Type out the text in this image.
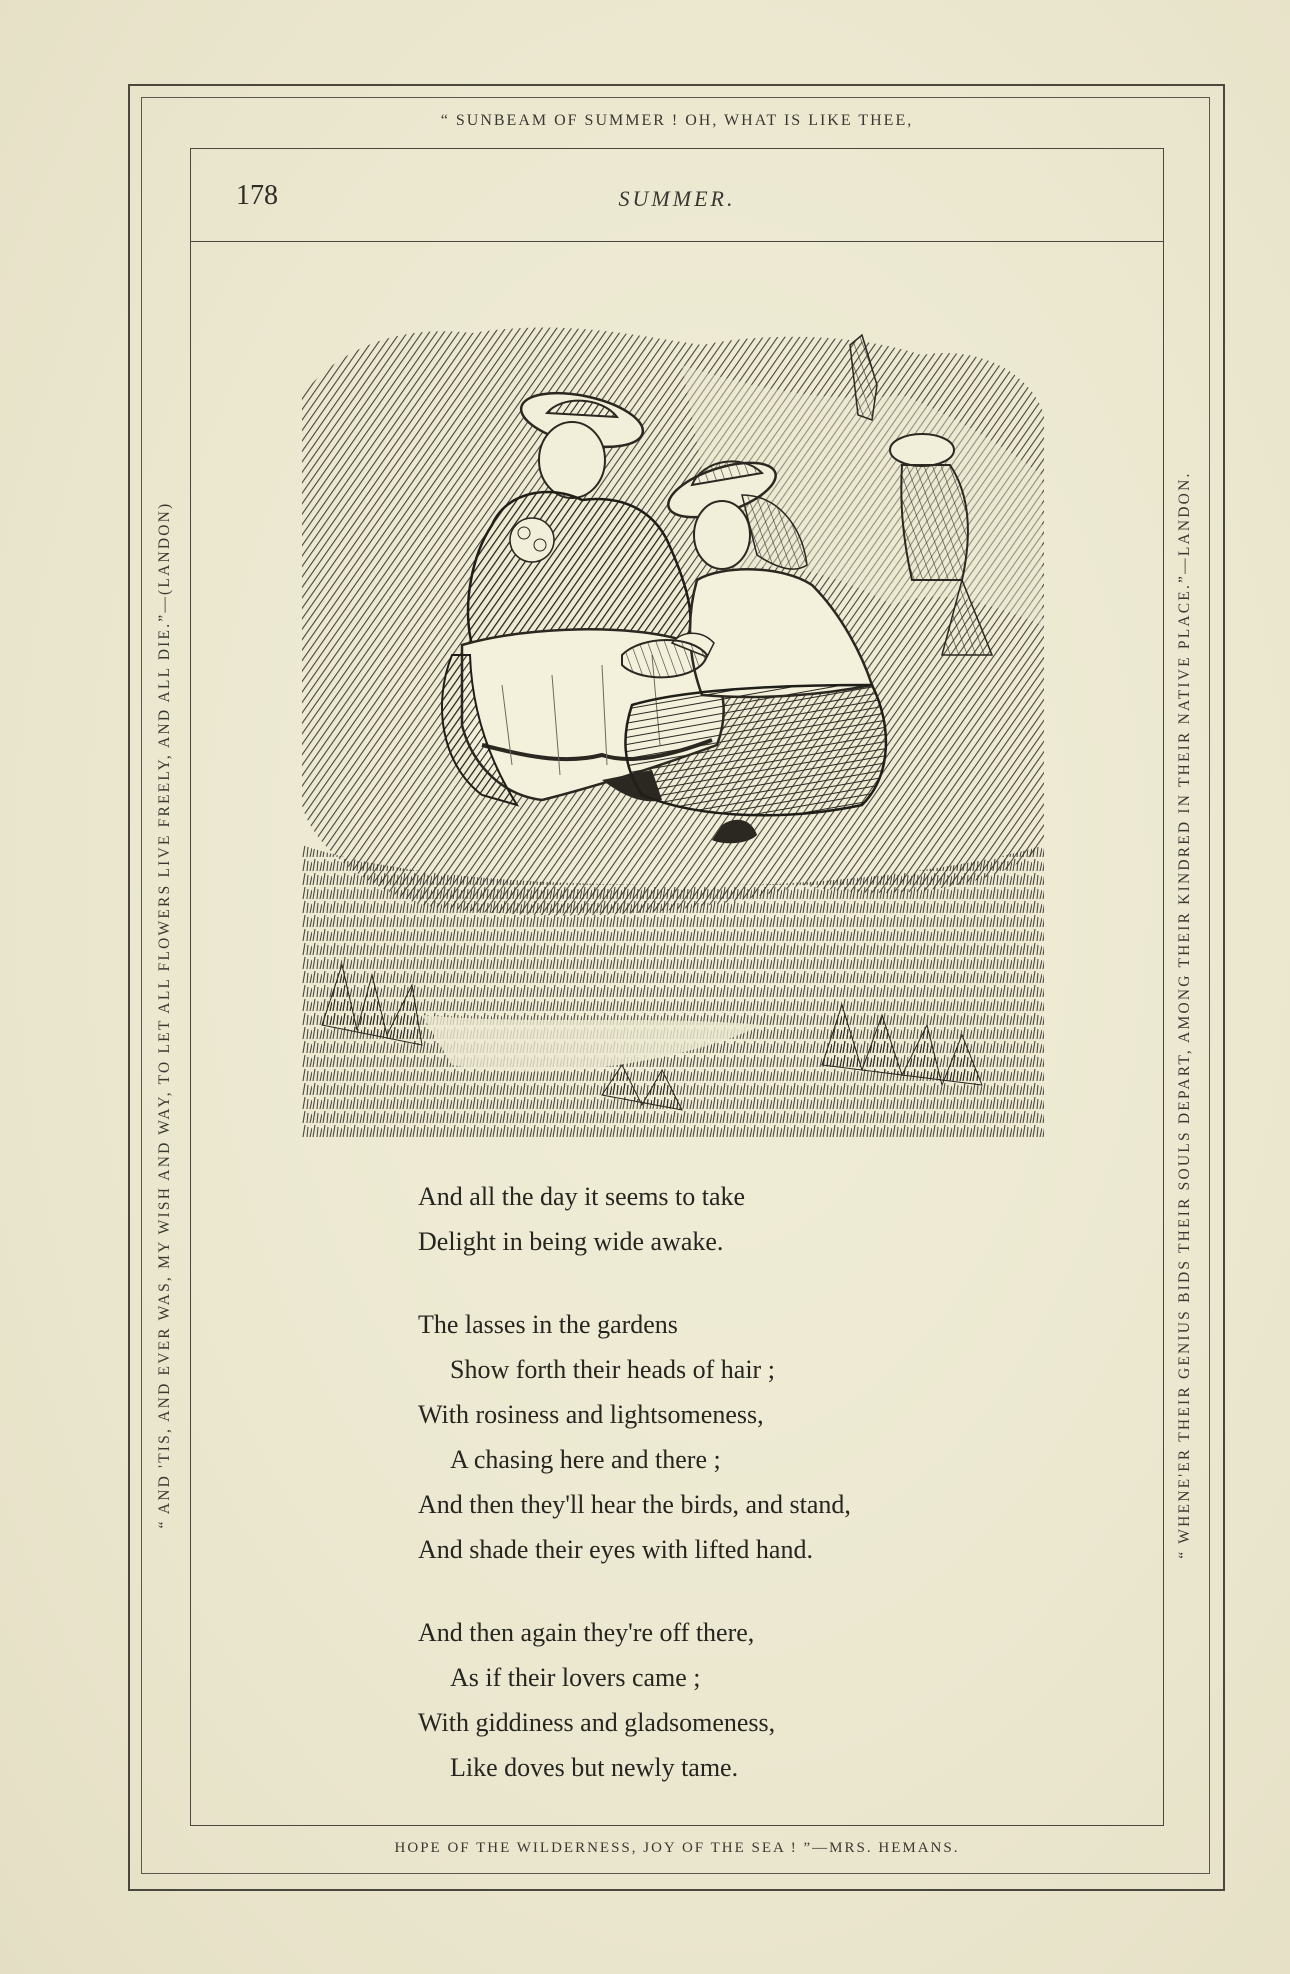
“ SUNBEAM OF SUMMER ! OH, WHAT IS LIKE THEE,
HOPE OF THE WILDERNESS, JOY OF THE SEA ! ”—MRS. HEMANS.
“ AND 'TIS, AND EVER WAS, MY WISH AND WAY, TO LET ALL FLOWERS LIVE FREELY, AND ALL DIE.”—(LANDON)	“ WHENE'ER THEIR GENIUS BIDS THEIR SOULS DEPART, AMONG THEIR KINDRED IN THEIR NATIVE PLACE.”—LANDON.
178	SUMMER.
And all the day it seems to take
Delight in being wide awake.
The lasses in the gardens
Show forth their heads of hair ;
With rosiness and lightsomeness,
A chasing here and there ;
And then they'll hear the birds, and stand,
And shade their eyes with lifted hand.
And then again they're off there,
As if their lovers came ;
With giddiness and gladsomeness,
Like doves but newly tame.
